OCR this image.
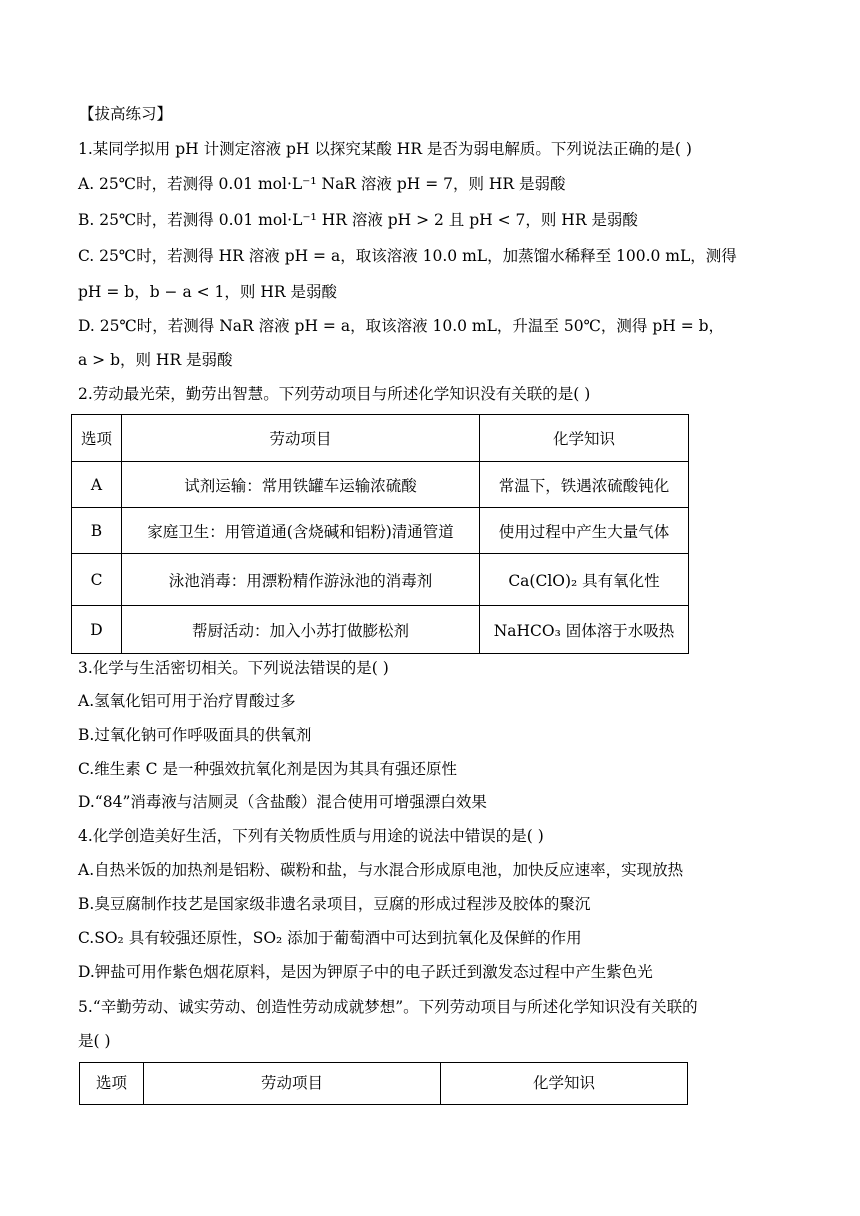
【拔高练习】
1.某同学拟用 pH 计测定溶液 pH 以探究某酸 HR 是否为弱电解质。下列说法正确的是( )
A. 25℃时，若测得 0.01 mol·L⁻¹ NaR 溶液 pH = 7，则 HR 是弱酸
B. 25℃时，若测得 0.01 mol·L⁻¹ HR 溶液 pH > 2 且 pH < 7，则 HR 是弱酸
C. 25℃时，若测得 HR 溶液 pH = a，取该溶液 10.0 mL，加蒸馏水稀释至 100.0 mL，测得
pH = b，b − a < 1，则 HR 是弱酸
D. 25℃时，若测得 NaR 溶液 pH = a，取该溶液 10.0 mL，升温至 50℃，测得 pH = b，
a > b，则 HR 是弱酸
2.劳动最光荣，勤劳出智慧。下列劳动项目与所述化学知识没有关联的是( )
选项	劳动项目	化学知识
A	试剂运输：常用铁罐车运输浓硫酸	常温下，铁遇浓硫酸钝化
B	家庭卫生：用管道通(含烧碱和铝粉)清通管道	使用过程中产生大量气体
C	泳池消毒：用漂粉精作游泳池的消毒剂	Ca(ClO)₂ 具有氧化性
D	帮厨活动：加入小苏打做膨松剂	NaHCO₃ 固体溶于水吸热
3.化学与生活密切相关。下列说法错误的是( )
A.氢氧化铝可用于治疗胃酸过多
B.过氧化钠可作呼吸面具的供氧剂
C.维生素 C 是一种强效抗氧化剂是因为其具有强还原性
D.“84”消毒液与洁厕灵（含盐酸）混合使用可增强漂白效果
4.化学创造美好生活，下列有关物质性质与用途的说法中错误的是( )
A.自热米饭的加热剂是铝粉、碳粉和盐，与水混合形成原电池，加快反应速率，实现放热
B.臭豆腐制作技艺是国家级非遗名录项目，豆腐的形成过程涉及胶体的聚沉
C.SO₂ 具有较强还原性，SO₂ 添加于葡萄酒中可达到抗氧化及保鲜的作用
D.钾盐可用作紫色烟花原料，是因为钾原子中的电子跃迁到激发态过程中产生紫色光
5.“辛勤劳动、诚实劳动、创造性劳动成就梦想”。下列劳动项目与所述化学知识没有关联的
是( )
选项	劳动项目	化学知识
